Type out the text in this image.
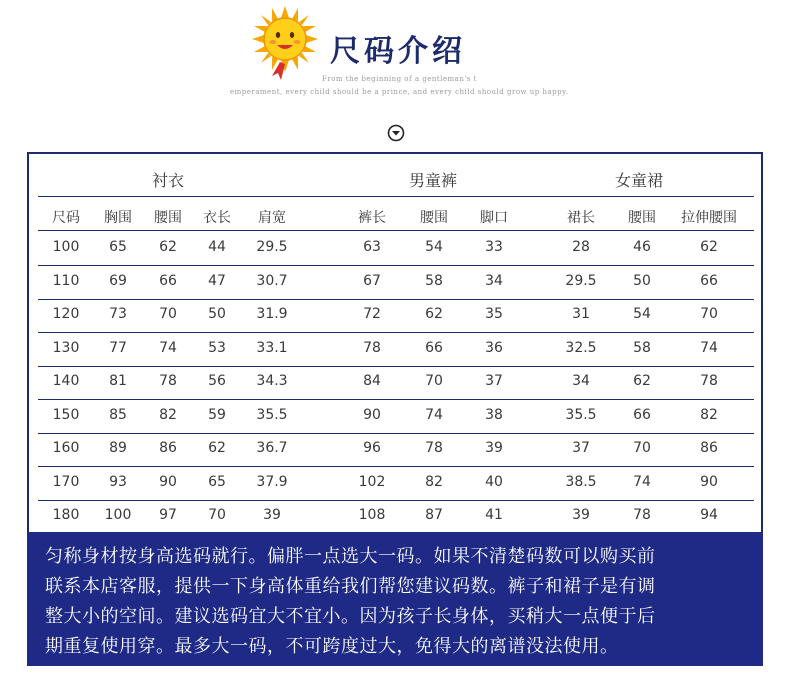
尺码介绍
From the beginning of a gentleman's t
emperament, every child should be a prince, and every child should grow up happy.
衬衣	男童裤	女童裙
尺码 胸围 腰围 衣长 肩宽	裤长 腰围 脚口	裙长 腰围 拉伸腰围
100 65 62 44 29.5	63	54	33	28	46	62
110 69 66 47 30.7	67	58	34	29.5	50	66
120 73 70 50 31.9	72	62	35	31	54	70
130 77 74 53 33.1	78	66	36	32.5	58	74
140 81 78 56 34.3	84	70	37	34	62	78
150 85 82 59 35.5	90	74	38	35.5	66	82
160 89 86 62 36.7	96	78	39	37	70	86
170 93 90 65 37.9	102	82	40	38.5	74	90
180 100 97 70	39	108	87	41	39	78	94
匀称身材按身高选码就行。偏胖一点选大一码。如果不清楚码数可以购买前
联系本店客服，提供一下身高体重给我们帮您建议码数。裤子和裙子是有调
整大小的空间。建议选码宜大不宜小。因为孩子长身体，买稍大一点便于后
期重复使用穿。最多大一码，不可跨度过大，免得大的离谱没法使用。
